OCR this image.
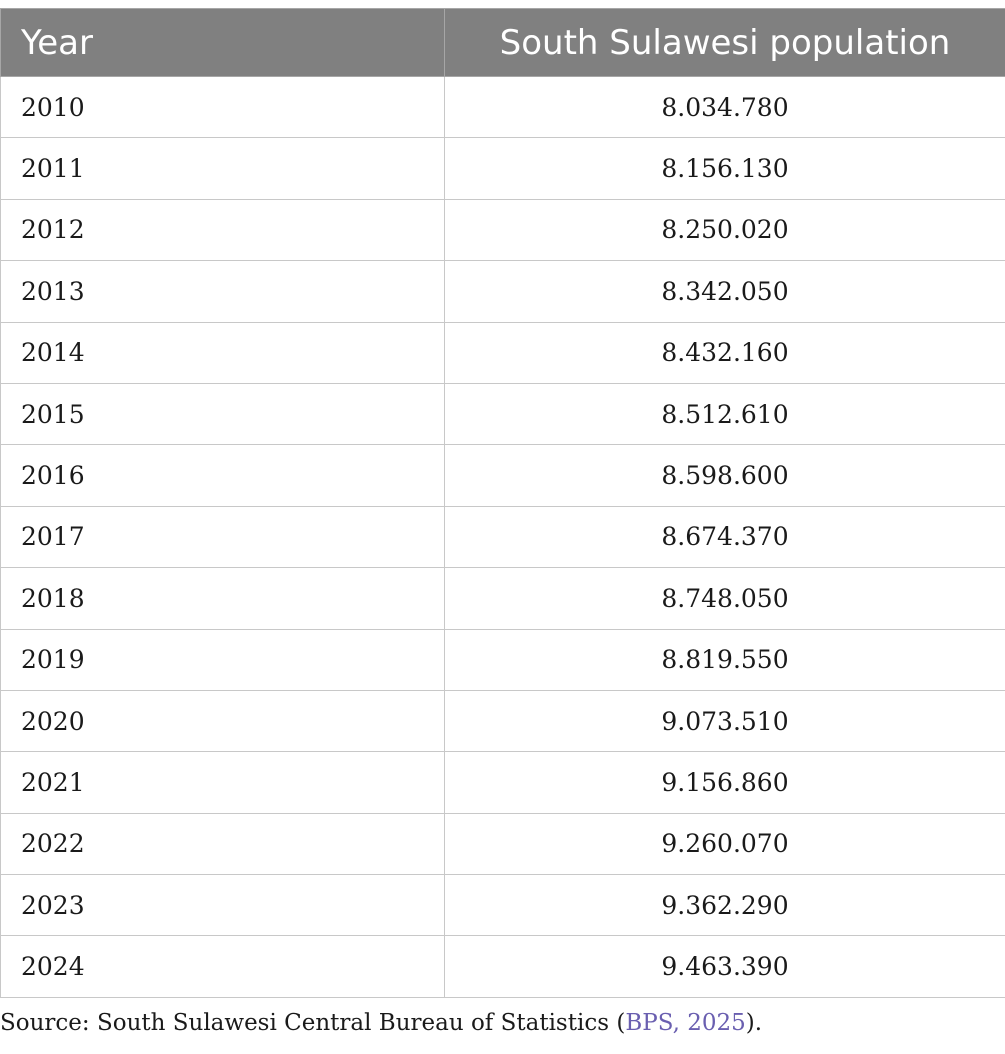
Year	South Sulawesi population
2010	8.034.780
2011	8.156.130
2012	8.250.020
2013	8.342.050
2014	8.432.160
2015	8.512.610
2016	8.598.600
2017	8.674.370
2018	8.748.050
2019	8.819.550
2020	9.073.510
2021	9.156.860
2022	9.260.070
2023	9.362.290
2024	9.463.390
Source: South Sulawesi Central Bureau of Statistics (BPS, 2025).
